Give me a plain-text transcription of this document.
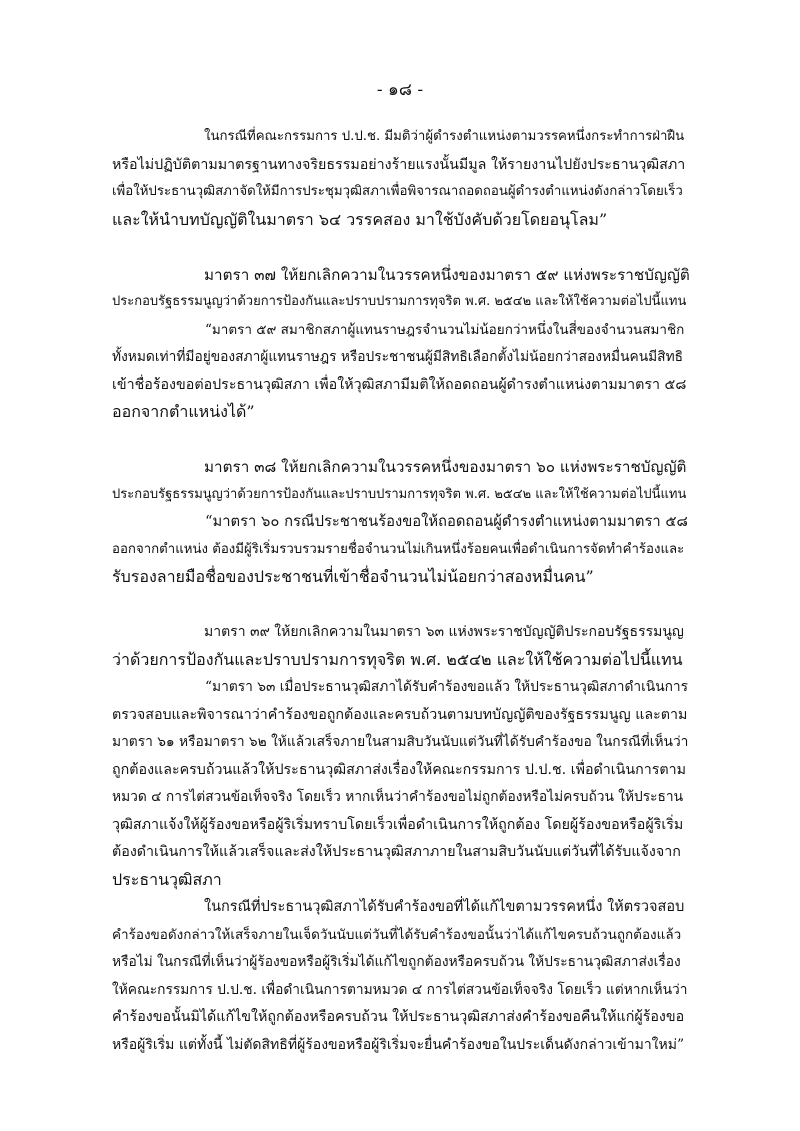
- ๑๘ -
ในกรณีที่คณะกรรมการ ป.ป.ช. มีมติว่าผู้ดำรงตำแหน่งตามวรรคหนึ่งกระทำการฝ่าฝืน
หรือไม่ปฏิบัติตามมาตรฐานทางจริยธรรมอย่างร้ายแรงนั้นมีมูล ให้รายงานไปยังประธานวุฒิสภา
เพื่อให้ประธานวุฒิสภาจัดให้มีการประชุมวุฒิสภาเพื่อพิจารณาถอดถอนผู้ดำรงตำแหน่งดังกล่าวโดยเร็ว
และให้นำบทบัญญัติในมาตรา ๖๔ วรรคสอง มาใช้บังคับด้วยโดยอนุโลม”
มาตรา ๓๗ ให้ยกเลิกความในวรรคหนึ่งของมาตรา ๕๙ แห่งพระราชบัญญัติ
ประกอบรัฐธรรมนูญว่าด้วยการป้องกันและปราบปรามการทุจริต พ.ศ. ๒๕๔๒ และให้ใช้ความต่อไปนี้แทน
“มาตรา ๕๙ สมาชิกสภาผู้แทนราษฎรจำนวนไม่น้อยกว่าหนึ่งในสี่ของจำนวนสมาชิก
ทั้งหมดเท่าที่มีอยู่ของสภาผู้แทนราษฎร หรือประชาชนผู้มีสิทธิเลือกตั้งไม่น้อยกว่าสองหมื่นคนมีสิทธิ
เข้าชื่อร้องขอต่อประธานวุฒิสภา เพื่อให้วุฒิสภามีมติให้ถอดถอนผู้ดำรงตำแหน่งตามมาตรา ๕๘
ออกจากตำแหน่งได้”
มาตรา ๓๘ ให้ยกเลิกความในวรรคหนึ่งของมาตรา ๖๐ แห่งพระราชบัญญัติ
ประกอบรัฐธรรมนูญว่าด้วยการป้องกันและปราบปรามการทุจริต พ.ศ. ๒๕๔๒ และให้ใช้ความต่อไปนี้แทน
“มาตรา ๖๐ กรณีประชาชนร้องขอให้ถอดถอนผู้ดำรงตำแหน่งตามมาตรา ๕๘
ออกจากตำแหน่ง ต้องมีผู้ริเริ่มรวบรวมรายชื่อจำนวนไม่เกินหนึ่งร้อยคนเพื่อดำเนินการจัดทำคำร้องและ
รับรองลายมือชื่อของประชาชนที่เข้าชื่อจำนวนไม่น้อยกว่าสองหมื่นคน”
มาตรา ๓๙ ให้ยกเลิกความในมาตรา ๖๓ แห่งพระราชบัญญัติประกอบรัฐธรรมนูญ
ว่าด้วยการป้องกันและปราบปรามการทุจริต พ.ศ. ๒๕๔๒ และให้ใช้ความต่อไปนี้แทน
“มาตรา ๖๓ เมื่อประธานวุฒิสภาได้รับคำร้องขอแล้ว ให้ประธานวุฒิสภาดำเนินการ
ตรวจสอบและพิจารณาว่าคำร้องขอถูกต้องและครบถ้วนตามบทบัญญัติของรัฐธรรมนูญ และตาม
มาตรา ๖๑ หรือมาตรา ๖๒ ให้แล้วเสร็จภายในสามสิบวันนับแต่วันที่ได้รับคำร้องขอ ในกรณีที่เห็นว่า
ถูกต้องและครบถ้วนแล้วให้ประธานวุฒิสภาส่งเรื่องให้คณะกรรมการ ป.ป.ช. เพื่อดำเนินการตาม
หมวด ๔ การไต่สวนข้อเท็จจริง โดยเร็ว หากเห็นว่าคำร้องขอไม่ถูกต้องหรือไม่ครบถ้วน ให้ประธาน
วุฒิสภาแจ้งให้ผู้ร้องขอหรือผู้ริเริ่มทราบโดยเร็วเพื่อดำเนินการให้ถูกต้อง โดยผู้ร้องขอหรือผู้ริเริ่ม
ต้องดำเนินการให้แล้วเสร็จและส่งให้ประธานวุฒิสภาภายในสามสิบวันนับแต่วันที่ได้รับแจ้งจาก
ประธานวุฒิสภา
ในกรณีที่ประธานวุฒิสภาได้รับคำร้องขอที่ได้แก้ไขตามวรรคหนึ่ง ให้ตรวจสอบ
คำร้องขอดังกล่าวให้เสร็จภายในเจ็ดวันนับแต่วันที่ได้รับคำร้องขอนั้นว่าได้แก้ไขครบถ้วนถูกต้องแล้ว
หรือไม่ ในกรณีที่เห็นว่าผู้ร้องขอหรือผู้ริเริ่มได้แก้ไขถูกต้องหรือครบถ้วน ให้ประธานวุฒิสภาส่งเรื่อง
ให้คณะกรรมการ ป.ป.ช. เพื่อดำเนินการตามหมวด ๔ การไต่สวนข้อเท็จจริง โดยเร็ว แต่หากเห็นว่า
คำร้องขอนั้นมิได้แก้ไขให้ถูกต้องหรือครบถ้วน ให้ประธานวุฒิสภาส่งคำร้องขอคืนให้แก่ผู้ร้องขอ
หรือผู้ริเริ่ม แต่ทั้งนี้ ไม่ตัดสิทธิที่ผู้ร้องขอหรือผู้ริเริ่มจะยื่นคำร้องขอในประเด็นดังกล่าวเข้ามาใหม่”
